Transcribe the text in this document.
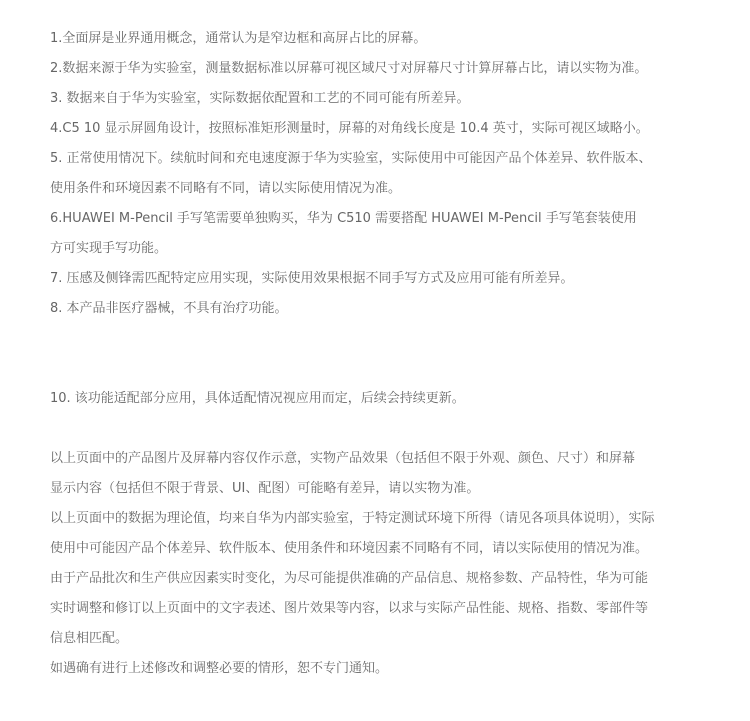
1.全面屏是业界通用概念，通常认为是窄边框和高屏占比的屏幕。

2.数据来源于华为实验室，测量数据标准以屏幕可视区域尺寸对屏幕尺寸计算屏幕占比，请以实物为准。

3. 数据来自于华为实验室，实际数据依配置和工艺的不同可能有所差异。

4.C5 10 显示屏圆角设计，按照标准矩形测量时，屏幕的对角线长度是 10.4 英寸，实际可视区域略小。

5. 正常使用情况下。续航时间和充电速度源于华为实验室，实际使用中可能因产品个体差异、软件版本、

使用条件和环境因素不同略有不同，请以实际使用情况为准。

6.HUAWEI M-Pencil 手写笔需要单独购买，华为 C510 需要搭配 HUAWEI M-Pencil 手写笔套装使用

方可实现手写功能。

7. 压感及侧锋需匹配特定应用实现，实际使用效果根据不同手写方式及应用可能有所差异。

8. 本产品非医疗器械，不具有治疗功能。

10. 该功能适配部分应用，具体适配情况视应用而定，后续会持续更新。

以上页面中的产品图片及屏幕内容仅作示意，实物产品效果（包括但不限于外观、颜色、尺寸）和屏幕

显示内容（包括但不限于背景、UI、配图）可能略有差异，请以实物为准。

以上页面中的数据为理论值，均来自华为内部实验室，于特定测试环境下所得（请见各项具体说明），实际

使用中可能因产品个体差异、软件版本、使用条件和环境因素不同略有不同，请以实际使用的情况为准。

由于产品批次和生产供应因素实时变化，为尽可能提供准确的产品信息、规格参数、产品特性，华为可能

实时调整和修订以上页面中的文字表述、图片效果等内容，以求与实际产品性能、规格、指数、零部件等

信息相匹配。

如遇确有进行上述修改和调整必要的情形，恕不专门通知。
